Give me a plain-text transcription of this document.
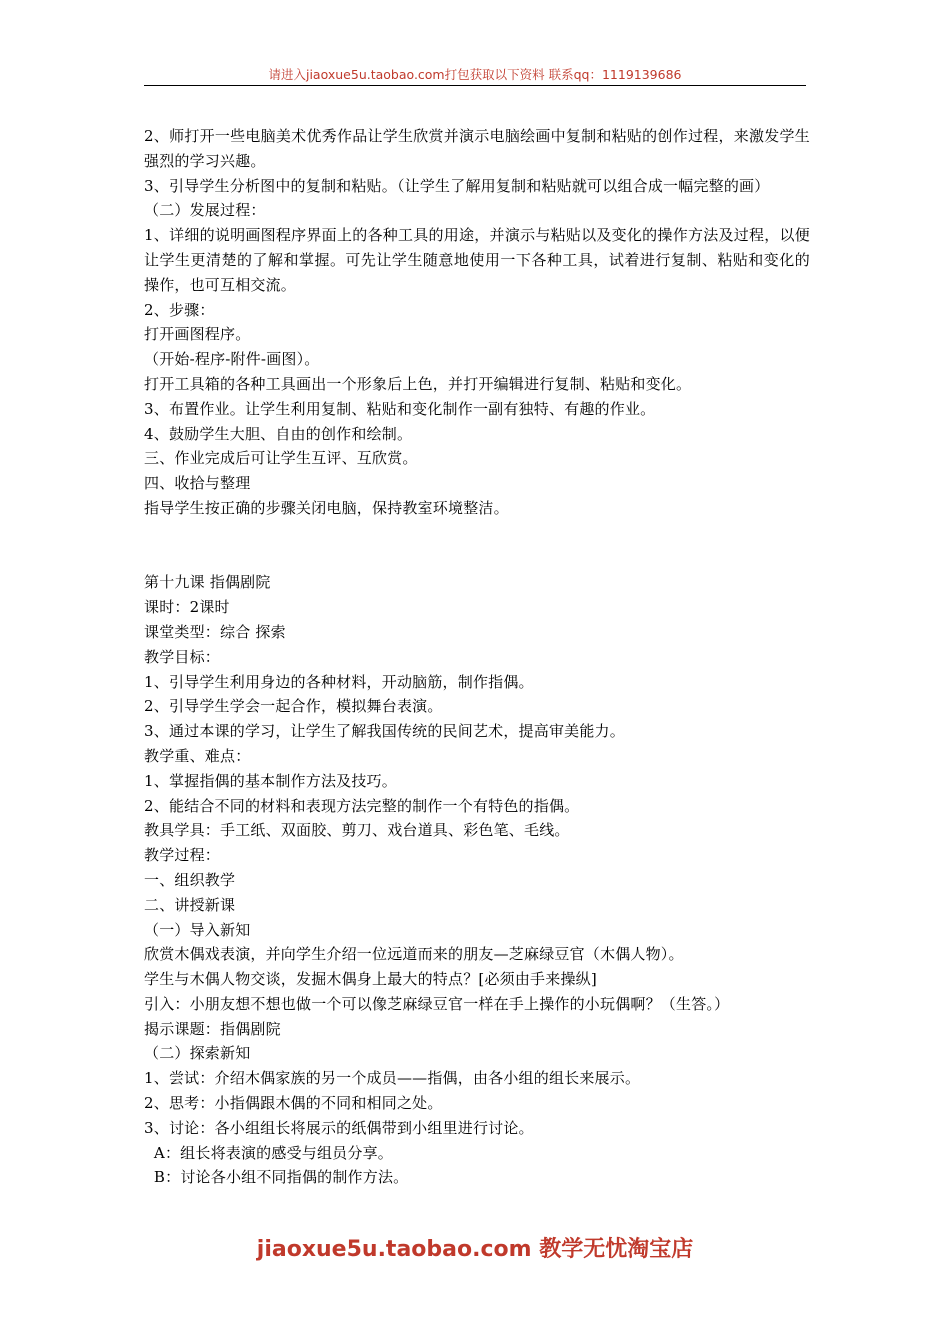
请进入jiaoxue5u.taobao.com打包获取以下资料 联系qq：1119139686

2、师打开一些电脑美术优秀作品让学生欣赏并演示电脑绘画中复制和粘贴的创作过程，来激发学生强烈的学习兴趣。

3、引导学生分析图中的复制和粘贴。（让学生了解用复制和粘贴就可以组合成一幅完整的画）

（二）发展过程：

1、详细的说明画图程序界面上的各种工具的用途，并演示与粘贴以及变化的操作方法及过程，以便让学生更清楚的了解和掌握。可先让学生随意地使用一下各种工具，试着进行复制、粘贴和变化的操作，也可互相交流。

2、步骤：

打开画图程序。

（开始-程序-附件-画图）。

打开工具箱的各种工具画出一个形象后上色，并打开编辑进行复制、粘贴和变化。

3、布置作业。让学生利用复制、粘贴和变化制作一副有独特、有趣的作业。

4、鼓励学生大胆、自由的创作和绘制。

三、作业完成后可让学生互评、互欣赏。

四、收拾与整理

指导学生按正确的步骤关闭电脑，保持教室环境整洁。

第十九课 指偶剧院

课时：2课时

课堂类型：综合 探索

教学目标：

1、引导学生利用身边的各种材料，开动脑筋，制作指偶。

2、引导学生学会一起合作，模拟舞台表演。

3、通过本课的学习，让学生了解我国传统的民间艺术，提高审美能力。

教学重、难点：

1、掌握指偶的基本制作方法及技巧。

2、能结合不同的材料和表现方法完整的制作一个有特色的指偶。

教具学具：手工纸、双面胶、剪刀、戏台道具、彩色笔、毛线。

教学过程：

一、组织教学

二、讲授新课

（一）导入新知

欣赏木偶戏表演，并向学生介绍一位远道而来的朋友—芝麻绿豆官（木偶人物）。

学生与木偶人物交谈，发掘木偶身上最大的特点？[必须由手来操纵]

引入：小朋友想不想也做一个可以像芝麻绿豆官一样在手上操作的小玩偶啊？（生答。）

揭示课题：指偶剧院

（二）探索新知

1、尝试：介绍木偶家族的另一个成员——指偶，由各小组的组长来展示。

2、思考：小指偶跟木偶的不同和相同之处。

3、讨论：各小组组长将展示的纸偶带到小组里进行讨论。

A：组长将表演的感受与组员分享。

B：讨论各小组不同指偶的制作方法。

jiaoxue5u.taobao.com 教学无忧淘宝店
